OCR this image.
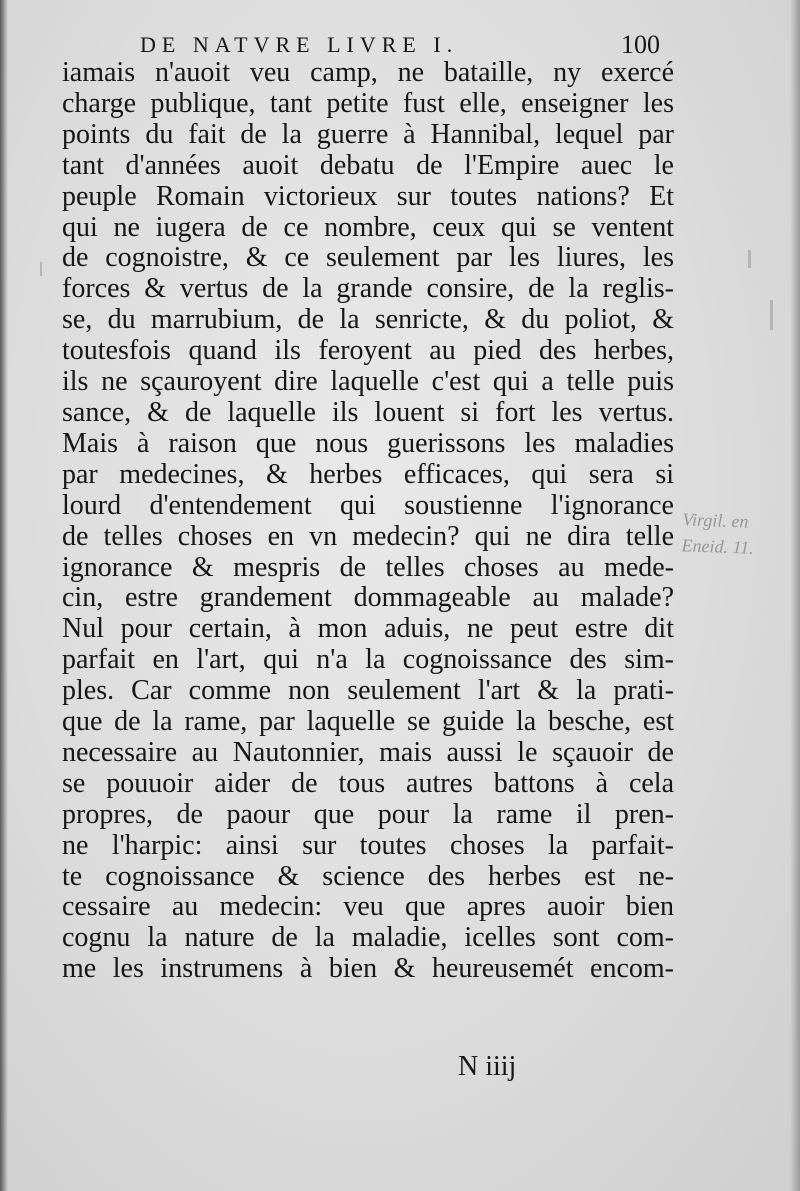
DE NATVRE LIVRE I.	100
iamais n'auoit veu camp, ne bataille, ny exercé
charge publique, tant petite fust elle, enseigner les
points du fait de la guerre à Hannibal, lequel par
tant d'années auoit debatu de l'Empire auec le
peuple Romain victorieux sur toutes nations? Et
qui ne iugera de ce nombre, ceux qui se ventent
de cognoistre, & ce seulement par les liures, les
forces & vertus de la grande consire, de la reglis-
se, du marrubium, de la senricte, & du poliot, &
toutesfois quand ils feroyent au pied des herbes,
ils ne sçauroyent dire laquelle c'est qui a telle puis
sance, & de laquelle ils louent si fort les vertus.
Mais à raison que nous guerissons les maladies
par medecines, & herbes efficaces, qui sera si
lourd d'entendement qui soustienne l'ignorance
de telles choses en vn medecin? qui ne dira telle
ignorance & mespris de telles choses au mede-
cin, estre grandement dommageable au malade?
Nul pour certain, à mon aduis, ne peut estre dit
parfait en l'art, qui n'a la cognoissance des sim-
ples. Car comme non seulement l'art & la prati-
que de la rame, par laquelle se guide la besche, est
necessaire au Nautonnier, mais aussi le sçauoir de
se pouuoir aider de tous autres battons à cela
propres, de paour que pour la rame il pren-
ne l'harpic: ainsi sur toutes choses la parfait-
te cognoissance & science des herbes est ne-
cessaire au medecin: veu que apres auoir bien
cognu la nature de la maladie, icelles sont com-
me les instrumens à bien & heureusemét encom-
Virgil. en
Eneid. 11.
N iiij
